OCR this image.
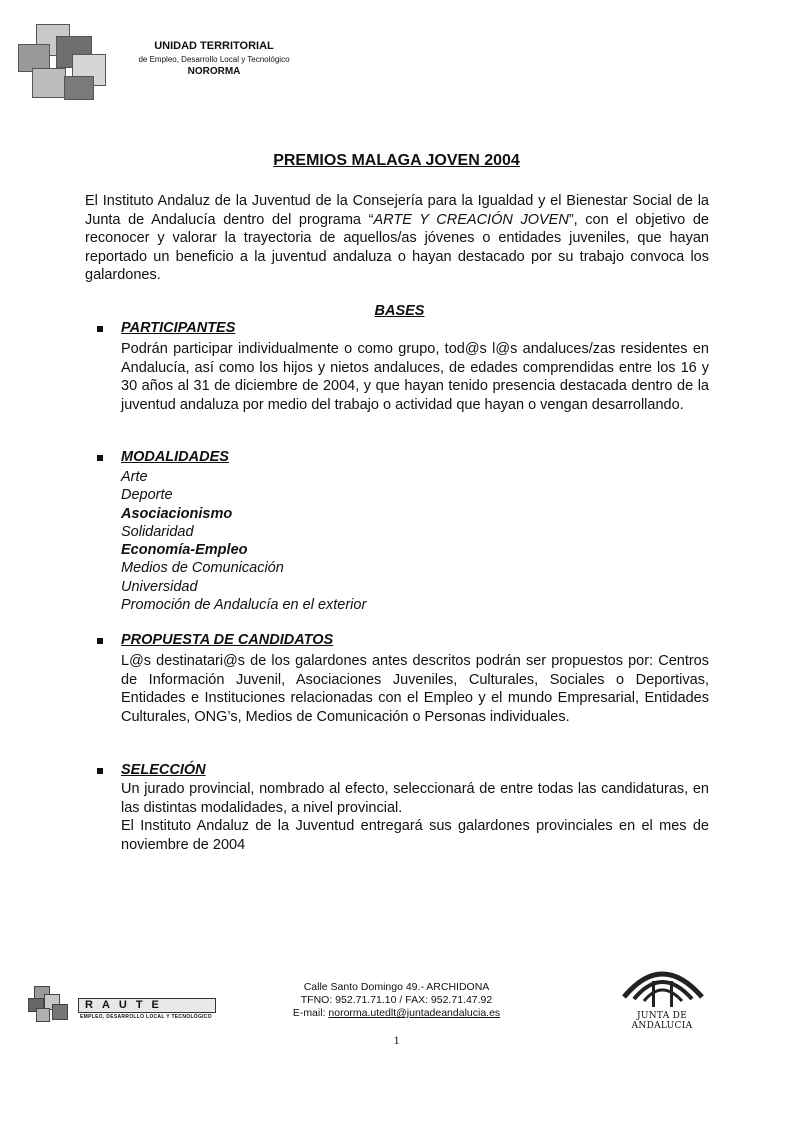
UNIDAD TERRITORIAL
de Empleo, Desarrollo Local y Tecnológico
NORORMA
PREMIOS MALAGA JOVEN 2004
El Instituto Andaluz de la Juventud de la Consejería para la Igualdad y el Bienestar Social de la Junta de Andalucía dentro del programa “ARTE Y CREACIÓN JOVEN”, con el objetivo de reconocer y valorar la trayectoria de aquellos/as jóvenes o entidades juveniles, que hayan reportado un beneficio a la juventud andaluza o hayan destacado por su trabajo convoca los galardones.
BASES
PARTICIPANTES
Podrán participar individualmente o como grupo, tod@s l@s andaluces/zas residentes en Andalucía, así como los hijos y nietos andaluces, de edades comprendidas entre los 16 y 30 años al 31 de diciembre de 2004, y que hayan tenido presencia destacada dentro de la juventud andaluza por medio del trabajo o actividad que hayan o vengan desarrollando.
MODALIDADES
Arte
Deporte
Asociacionismo
Solidaridad
Economía-Empleo
Medios de Comunicación
Universidad
Promoción de Andalucía en el exterior
PROPUESTA DE CANDIDATOS
L@s destinatari@s de los galardones antes descritos podrán ser propuestos por: Centros de Información Juvenil, Asociaciones Juveniles, Culturales, Sociales o Deportivas, Entidades e Instituciones relacionadas con el Empleo y el mundo Empresarial, Entidades Culturales, ONG’s, Medios de Comunicación o Personas individuales.
SELECCIÓN
Un jurado provincial, nombrado al efecto, seleccionará de entre todas las candidaturas, en las distintas modalidades, a nivel provincial.
El Instituto Andaluz de la Juventud entregará sus galardones provinciales en el mes de noviembre de 2004
RAUTE
EMPLEO, DESARROLLO LOCAL Y TECNOLÓGICO
Calle Santo Domingo 49.- ARCHIDONA
TFNO: 952.71.71.10 / FAX: 952.71.47.92
E-mail: nororma.utedlt@juntadeandalucia.es	JUNTA DE ANDALUCIA
1
